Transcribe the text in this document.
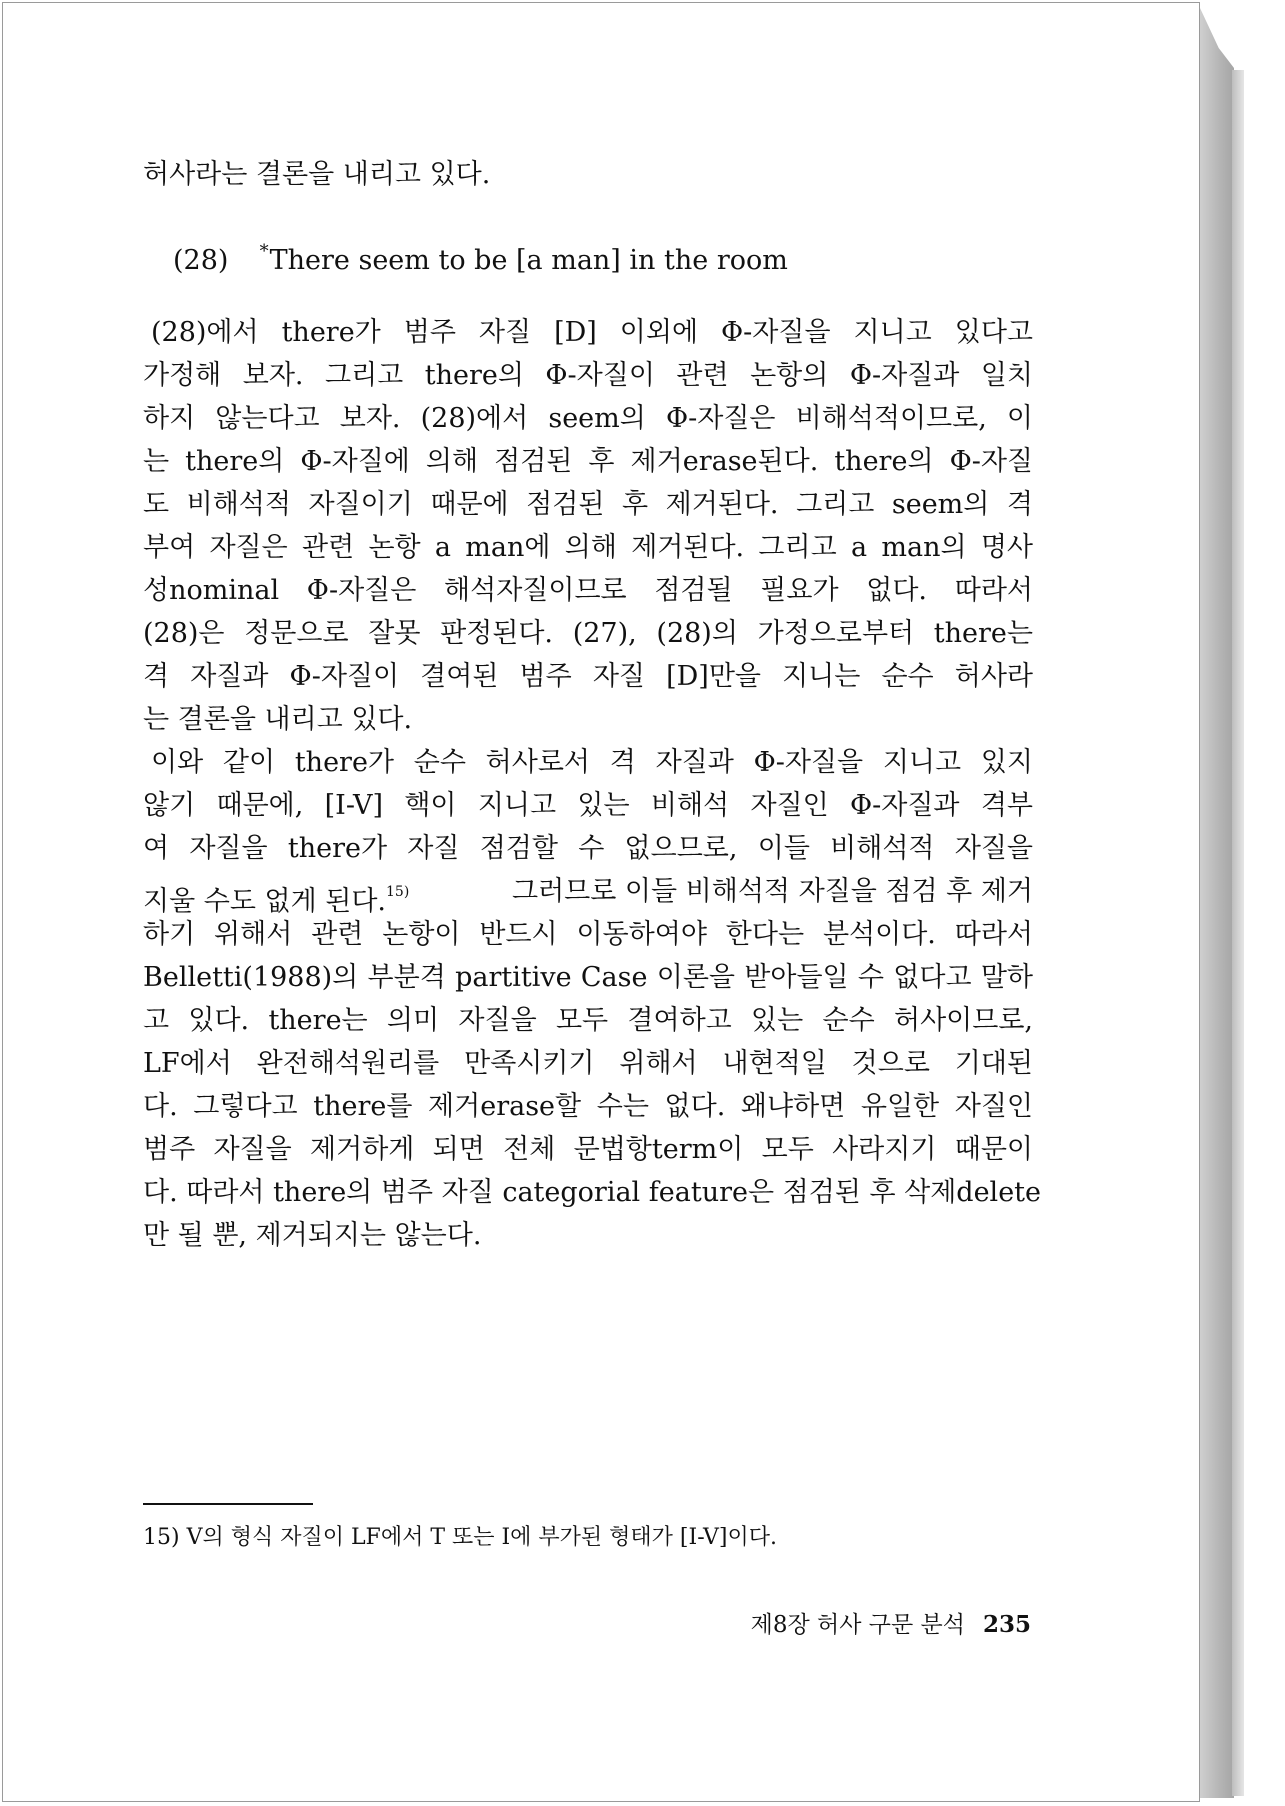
허사라는 결론을 내리고 있다.
(28) *There seem to be [a man] in the room
(28)에서 there가 범주 자질 [D] 이외에 Φ-자질을 지니고 있다고
가정해 보자. 그리고 there의 Φ-자질이 관련 논항의 Φ-자질과 일치
하지 않는다고 보자. (28)에서 seem의 Φ-자질은 비해석적이므로, 이
는 there의 Φ-자질에 의해 점검된 후 제거erase된다. there의 Φ-자질
도 비해석적 자질이기 때문에 점검된 후 제거된다. 그리고 seem의 격
부여 자질은 관련 논항 a man에 의해 제거된다. 그리고 a man의 명사
성nominal Φ-자질은 해석자질이므로 점검될 필요가 없다. 따라서
(28)은 정문으로 잘못 판정된다. (27), (28)의 가정으로부터 there는
격 자질과 Φ-자질이 결여된 범주 자질 [D]만을 지니는 순수 허사라
는 결론을 내리고 있다.
이와 같이 there가 순수 허사로서 격 자질과 Φ-자질을 지니고 있지
않기 때문에, [I-V] 핵이 지니고 있는 비해석 자질인 Φ-자질과 격부
여 자질을 there가 자질 점검할 수 없으므로, 이들 비해석적 자질을
지울 수도 없게 된다.$^{15)}$	그러므로 이들 비해석적 자질을 점검 후 제거
하기 위해서 관련 논항이 반드시 이동하여야 한다는 분석이다. 따라서
Belletti(1988)의 부분격 partitive Case 이론을 받아들일 수 없다고 말하
고 있다. there는 의미 자질을 모두 결여하고 있는 순수 허사이므로,
LF에서 완전해석원리를 만족시키기 위해서 내현적일 것으로 기대된
다. 그렇다고 there를 제거erase할 수는 없다. 왜냐하면 유일한 자질인
범주 자질을 제거하게 되면 전체 문법항term이 모두 사라지기 때문이
다. 따라서 there의 범주 자질 categorial feature은 점검된 후 삭제delete
만 될 뿐, 제거되지는 않는다.
15) V의 형식 자질이 LF에서 T 또는 I에 부가된 형태가 [I-V]이다.
제8장 허사 구문 분석 235
